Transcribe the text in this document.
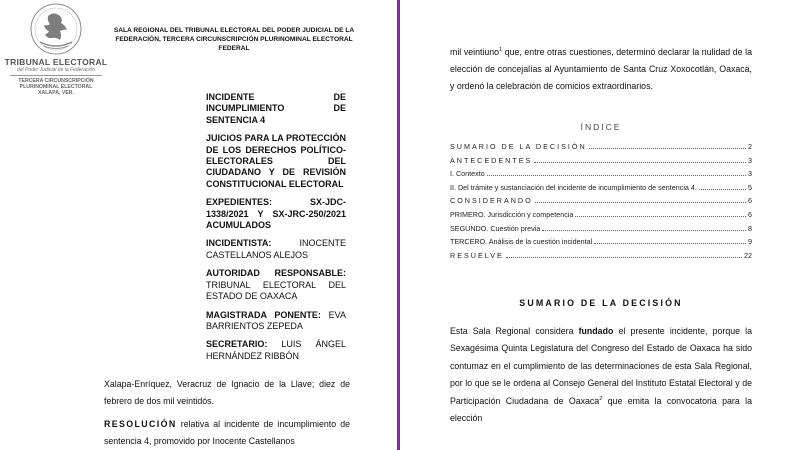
TRIBUNAL ELECTORAL
del Poder Judicial de la Federación
TERCERA CIRCUNSCRIPCIÓN
PLURINOMINAL ELECTORAL
XALAPA, VER.
SALA REGIONAL DEL TRIBUNAL ELECTORAL DEL PODER JUDICIAL DE LA FEDERACIÓN, TERCERA CIRCUNSCRIPCIÓN PLURINOMINAL ELECTORAL FEDERAL
INCIDENTE DE INCUMPLIMIENTO DE SENTENCIA 4
JUICIOS PARA LA PROTECCIÓN DE LOS DERECHOS POLÍTICO-ELECTORALES DEL CIUDADANO Y DE REVISIÓN CONSTITUCIONAL ELECTORAL
EXPEDIENTES:	SX-JDC-1338/2021 Y SX-JRC-250/2021 ACUMULADOS
INCIDENTISTA:	INOCENTE CASTELLANOS ALEJOS
AUTORIDAD RESPONSABLE: TRIBUNAL ELECTORAL DEL ESTADO DE OAXACA
MAGISTRADA PONENTE: EVA BARRIENTOS ZEPEDA
SECRETARIO: LUIS ÁNGEL HERNÁNDEZ RIBBÓN
Xalapa-Enríquez, Veracruz de Ignacio de la Llave; diez de febrero de dos mil veintidós.
RESOLUCIÓN relativa al incidente de incumplimiento de sentencia 4, promovido por Inocente Castellanos
mil veintiuno$^1$ que, entre otras cuestiones, determinó declarar la nulidad de la elección de concejalías al Ayuntamiento de Santa Cruz Xoxocotlán, Oaxaca, y ordenó la celebración de comicios extraordinarios.
ÍNDICE
SUMARIO DE LA DECISIÓN	2
ANTECEDENTES	3
I. Contexto	3
II. Del trámite y sustanciación del incidente de incumplimiento de sentencia 4.	5
CONSIDERANDO	6
PRIMERO. Jurisdicción y competencia	6
SEGUNDO. Cuestión previa	8
TERCERO. Análisis de la cuestión incidental	9
RESUELVE	22
SUMARIO DE LA DECISIÓN
Esta Sala Regional considera fundado el presente incidente, porque la Sexagésima Quinta Legislatura del Congreso del Estado de Oaxaca ha sido contumaz en el cumplimiento de las determinaciones de esta Sala Regional, por lo que se le ordena al Consejo General del Instituto Estatal Electoral y de Participación Ciudadana de Oaxaca$^2$ que emita la convocatoria para la elección
